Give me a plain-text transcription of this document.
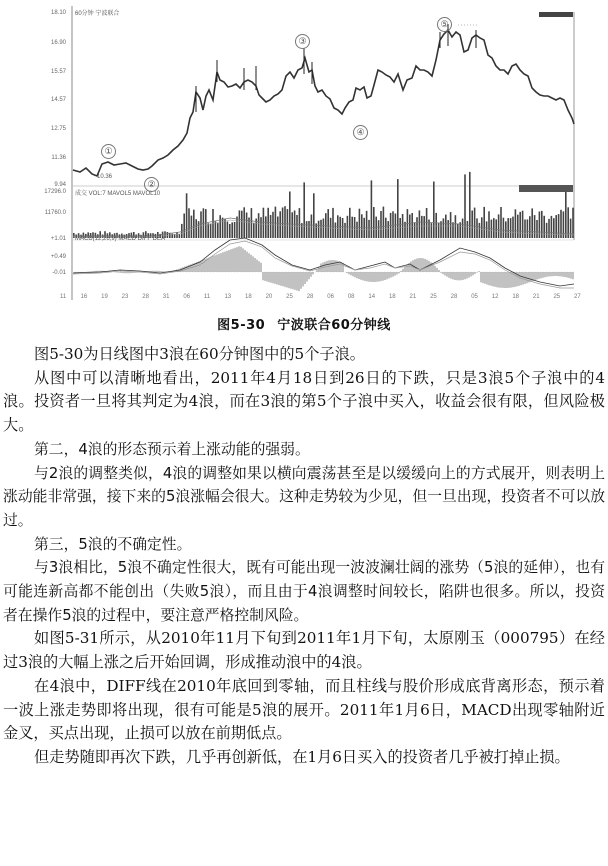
60分钟 宁波联合
18.10
16.90
15.57
14.57
12.75
11.36
9.94
17296.0
11760.0
+1.01
+0.49
-0.01
成交 VOL:7 MAVOL5 MAVOL10
MACD(12,26,9) MACD DIFF DEA
10.36
①
②
③
④
⑤
11 16 19 23 28 31 06 11 13 18 20 25 28 06 08 14 18 21 25 28 05 12 18 21 25 27
图5-30 宁波联合60分钟线

图5-30为日线图中3浪在60分钟图中的5个子浪。

从图中可以清晰地看出，2011年4月18日到26日的下跌，只是3浪5个子浪中的4浪。投资者一旦将其判定为4浪，而在3浪的第5个子浪中买入，收益会很有限，但风险极大。

第二，4浪的形态预示着上涨动能的强弱。

与2浪的调整类似，4浪的调整如果以横向震荡甚至是以缓缓向上的方式展开，则表明上涨动能非常强，接下来的5浪涨幅会很大。这种走势较为少见，但一旦出现，投资者不可以放过。

第三，5浪的不确定性。

与3浪相比，5浪不确定性很大，既有可能出现一波波澜壮阔的涨势（5浪的延伸），也有可能连新高都不能创出（失败5浪），而且由于4浪调整时间较长，陷阱也很多。所以，投资者在操作5浪的过程中，要注意严格控制风险。

如图5-31所示，从2010年11月下旬到2011年1月下旬，太原刚玉（000795）在经过3浪的大幅上涨之后开始回调，形成推动浪中的4浪。

在4浪中，DIFF线在2010年底回到零轴，而且柱线与股价形成底背离形态，预示着一波上涨走势即将出现，很有可能是5浪的展开。2011年1月6日，MACD出现零轴附近金叉，买点出现，止损可以放在前期低点。

但走势随即再次下跌，几乎再创新低，在1月6日买入的投资者几乎被打掉止损。
